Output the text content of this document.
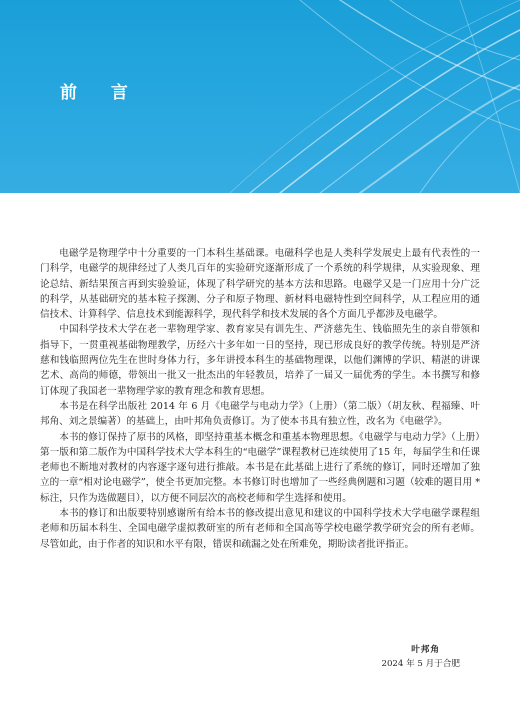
前 言

电磁学是物理学中十分重要的一门本科生基础课。电磁科学也是人类科学发展史上最有代表性的一门科学，电磁学的规律经过了人类几百年的实验研究逐渐形成了一个系统的科学规律，从实验现象、理论总结、新结果预言再到实验验证，体现了科学研究的基本方法和思路。电磁学又是一门应用十分广泛的科学，从基础研究的基本粒子探测、分子和原子物理、新材料电磁特性到空间科学，从工程应用的通信技术、计算科学、信息技术到能源科学，现代科学和技术发展的各个方面几乎都涉及电磁学。

中国科学技术大学在老一辈物理学家、教育家吴有训先生、严济慈先生、钱临照先生的亲自带领和指导下，一贯重视基础物理教学，历经六十多年如一日的坚持，现已形成良好的教学传统。特别是严济慈和钱临照两位先生在世时身体力行，多年讲授本科生的基础物理课，以他们渊博的学识、精湛的讲课艺术、高尚的师德，带领出一批又一批杰出的年轻教员，培养了一届又一届优秀的学生。本书撰写和修订体现了我国老一辈物理学家的教育理念和教育思想。

本书是在科学出版社 2014 年 6 月《电磁学与电动力学》（上册）（第二版）（胡友秋、程福臻、叶邦角、刘之景编著）的基础上，由叶邦角负责修订。为了使本书具有独立性，改名为《电磁学》。

本书的修订保持了原书的风格，即坚持重基本概念和重基本物理思想。《电磁学与电动力学》（上册）第一版和第二版作为中国科学技术大学本科生的“电磁学”课程教材已连续使用了15 年，每届学生和任课老师也不断地对教材的内容逐字逐句进行推敲。本书是在此基础上进行了系统的修订，同时还增加了独立的一章“相对论电磁学”，使全书更加完整。本书修订时也增加了一些经典例题和习题（较难的题目用 * 标注，只作为选做题目），以方便不同层次的高校老师和学生选择和使用。

本书的修订和出版要特别感谢所有给本书的修改提出意见和建议的中国科学技术大学电磁学课程组老师和历届本科生、全国电磁学虚拟教研室的所有老师和全国高等学校电磁学教学研究会的所有老师。尽管如此，由于作者的知识和水平有限，错误和疏漏之处在所难免，期盼读者批评指正。

叶邦角
2024 年 5 月于合肥
